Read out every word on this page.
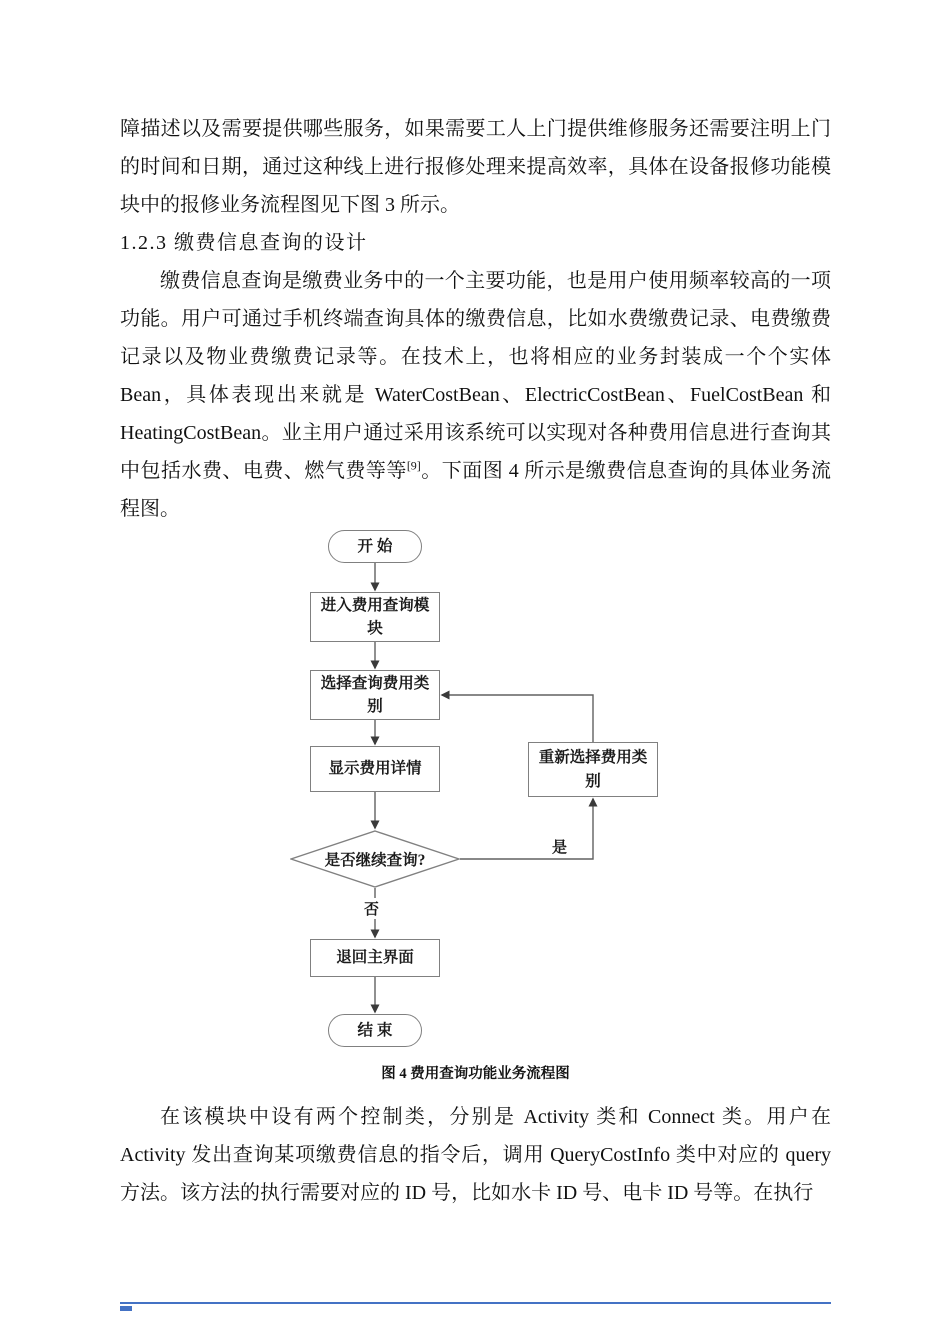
障描述以及需要提供哪些服务，如果需要工人上门提供维修服务还需要注明上门的时间和日期，通过这种线上进行报修处理来提高效率，具体在设备报修功能模块中的报修业务流程图见下图 3 所示。

1.2.3 缴费信息查询的设计

缴费信息查询是缴费业务中的一个主要功能，也是用户使用频率较高的一项功能。用户可通过手机终端查询具体的缴费信息，比如水费缴费记录、电费缴费记录以及物业费缴费记录等。在技术上，也将相应的业务封装成一个个实体 Bean，具体表现出来就是 WaterCostBean、ElectricCostBean、FuelCostBean 和 HeatingCostBean。业主用户通过采用该系统可以实现对各种费用信息进行查询其中包括水费、电费、燃气费等等[9]。下面图 4 所示是缴费信息查询的具体业务流程图。

开 始
进入费用查询模块
选择查询费用类别
显示费用详情
重新选择费用类别
是否继续查询?
是
否
退回主界面
结 束

图 4 费用查询功能业务流程图

在该模块中设有两个控制类，分别是 Activity 类和 Connect 类。用户在 Activity 发出查询某项缴费信息的指令后，调用 QueryCostInfo 类中对应的 query 方法。该方法的执行需要对应的 ID 号，比如水卡 ID 号、电卡 ID 号等。在执行
